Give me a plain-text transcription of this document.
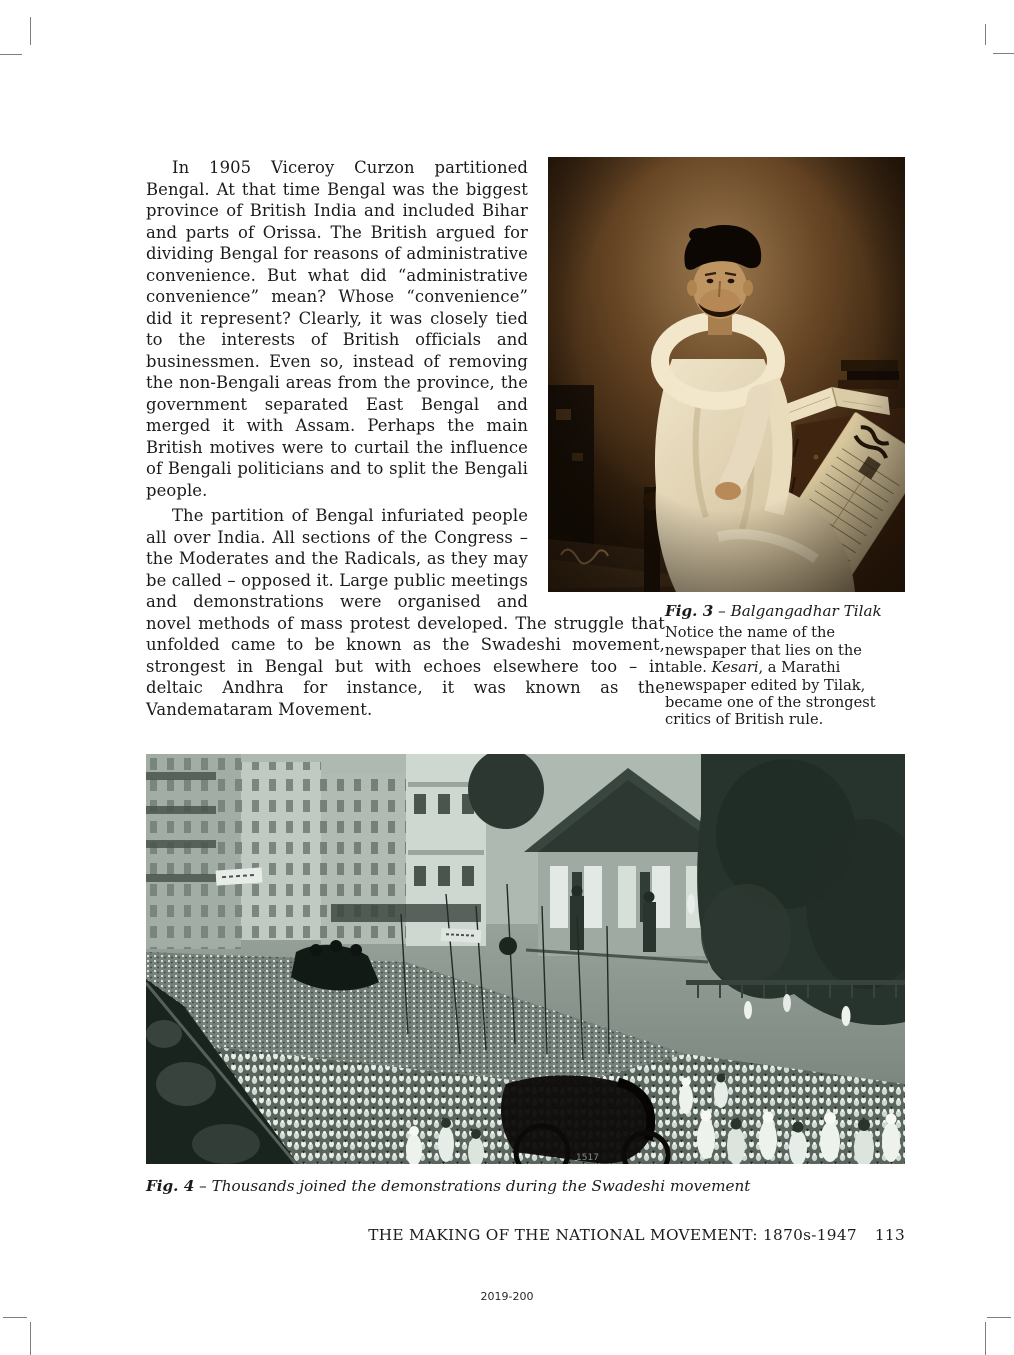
Fig. 3 – Balgangadhar Tilak

Notice the name of the newspaper that lies on the table. Kesari, a Marathi newspaper edited by Tilak, became one of the strongest critics of British rule.

In 1905 Viceroy Curzon partitioned Bengal. At that time Bengal was the biggest province of British India and included Bihar and parts of Orissa. The British argued for dividing Bengal for reasons of administrative convenience. But what did “administrative convenience” mean? Whose “convenience” did it represent? Clearly, it was closely tied to the interests of British officials and businessmen. Even so, instead of removing the non-Bengali areas from the province, the government separated East Bengal and merged it with Assam. Perhaps the main British motives were to curtail the influence of Bengali politicians and to split the Bengali people.

The partition of Bengal infuriated people all over India. All sections of the Congress – the Moderates and the Radicals, as they may be called – opposed it. Large public meetings and demonstrations were organised and novel methods of mass protest developed. The struggle that unfolded came to be known as the Swadeshi movement, strongest in Bengal but with echoes elsewhere too – in deltaic Andhra for instance, it was known as the Vandemataram Movement.

1517
Fig. 4 – Thousands joined the demonstrations during the Swadeshi movement
THE MAKING OF THE NATIONAL MOVEMENT: 1870s-1947 113
2019-200
